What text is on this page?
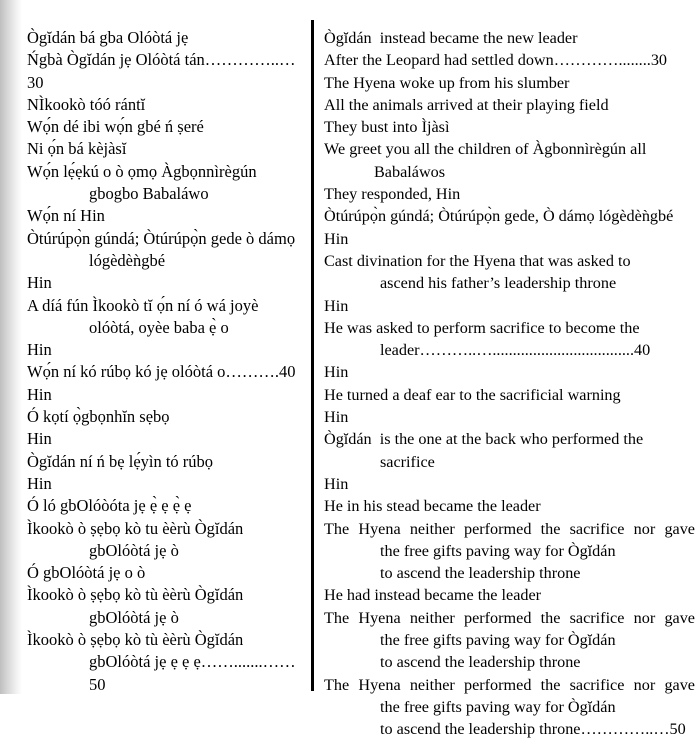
Ògĭdán bá gba Olóòtá jẹ

Ńgbà Ògĭdán jẹ Olóòtá tán…………..…30

NÌkookò tóó rántĭ

Wọ́n dé ibi wọ́n gbé ń ṣeré

Ni ọ́n bá kèjàsĭ

Wọ́n lẹ́ẹkú o ò ọmọ Àgbọnnìrègún

gbogbo Babaláwo

Wọ́n ní Hin

Òtúrúpọ̀n gúndá; Òtúrúpọ̀n gede ò dámọ

lógèdèǹgbé

Hin

A díá fún Ìkookò tĭ ọ́n ní ó wá joyè

olóòtá, oyèe baba ẹ̀ o

Hin

Wọ́n ní kó rúbọ kó jẹ olóòtá o……….40

Hin

Ó kọtí ọ̀gbọnhĭn sẹbọ

Hin

Ògĭdán ní ń bẹ lẹ́yìn tó rúbọ

Hin

Ó ló gbOlóòóta jẹ ẹ̀ ẹ ẹ̀ ẹ

Ìkookò ò ṣẹbọ kò tu èèrù Ògĭdán

gbOlóòtá jẹ ò

Ó gbOlóòtá jẹ o ò

Ìkookò ò ṣẹbọ kò tù èèrù Ògĭdán

gbOlóòtá jẹ ò

Ìkookò ò ṣẹbọ kò tù èèrù Ògĭdán

gbOlóòtá jẹ ẹ ẹ ẹ…….......……50

Ògĭdán  instead became the new leader

After the Leopard had settled down…………........30

The Hyena woke up from his slumber

All the animals arrived at their playing field

They bust into Ìjàsì

We greet you all the children of Àgbonnìrègún all

Babaláwos

They responded, Hin

Òtúrúpọ̀n gúndá; Òtúrúpọ̀n gede, Ò dámọ lógèdèǹgbé

Hin

Cast divination for the Hyena that was asked to

ascend his father’s leadership throne

Hin

He was asked to perform sacrifice to become the

leader………..…...................................40

Hin

He turned a deaf ear to the sacrificial warning

Hin

Ògĭdán  is the one at the back who performed the

sacrifice

Hin

He in his stead became the leader

The Hyena neither performed the sacrifice nor gave

the free gifts paving way for Ògĭdán

to ascend the leadership throne

He had instead became the leader

The Hyena neither performed the sacrifice nor gave

the free gifts paving way for Ògĭdán

to ascend the leadership throne

The Hyena neither performed the sacrifice nor gave

the free gifts paving way for Ògĭdán

to ascend the leadership throne…………..…50
